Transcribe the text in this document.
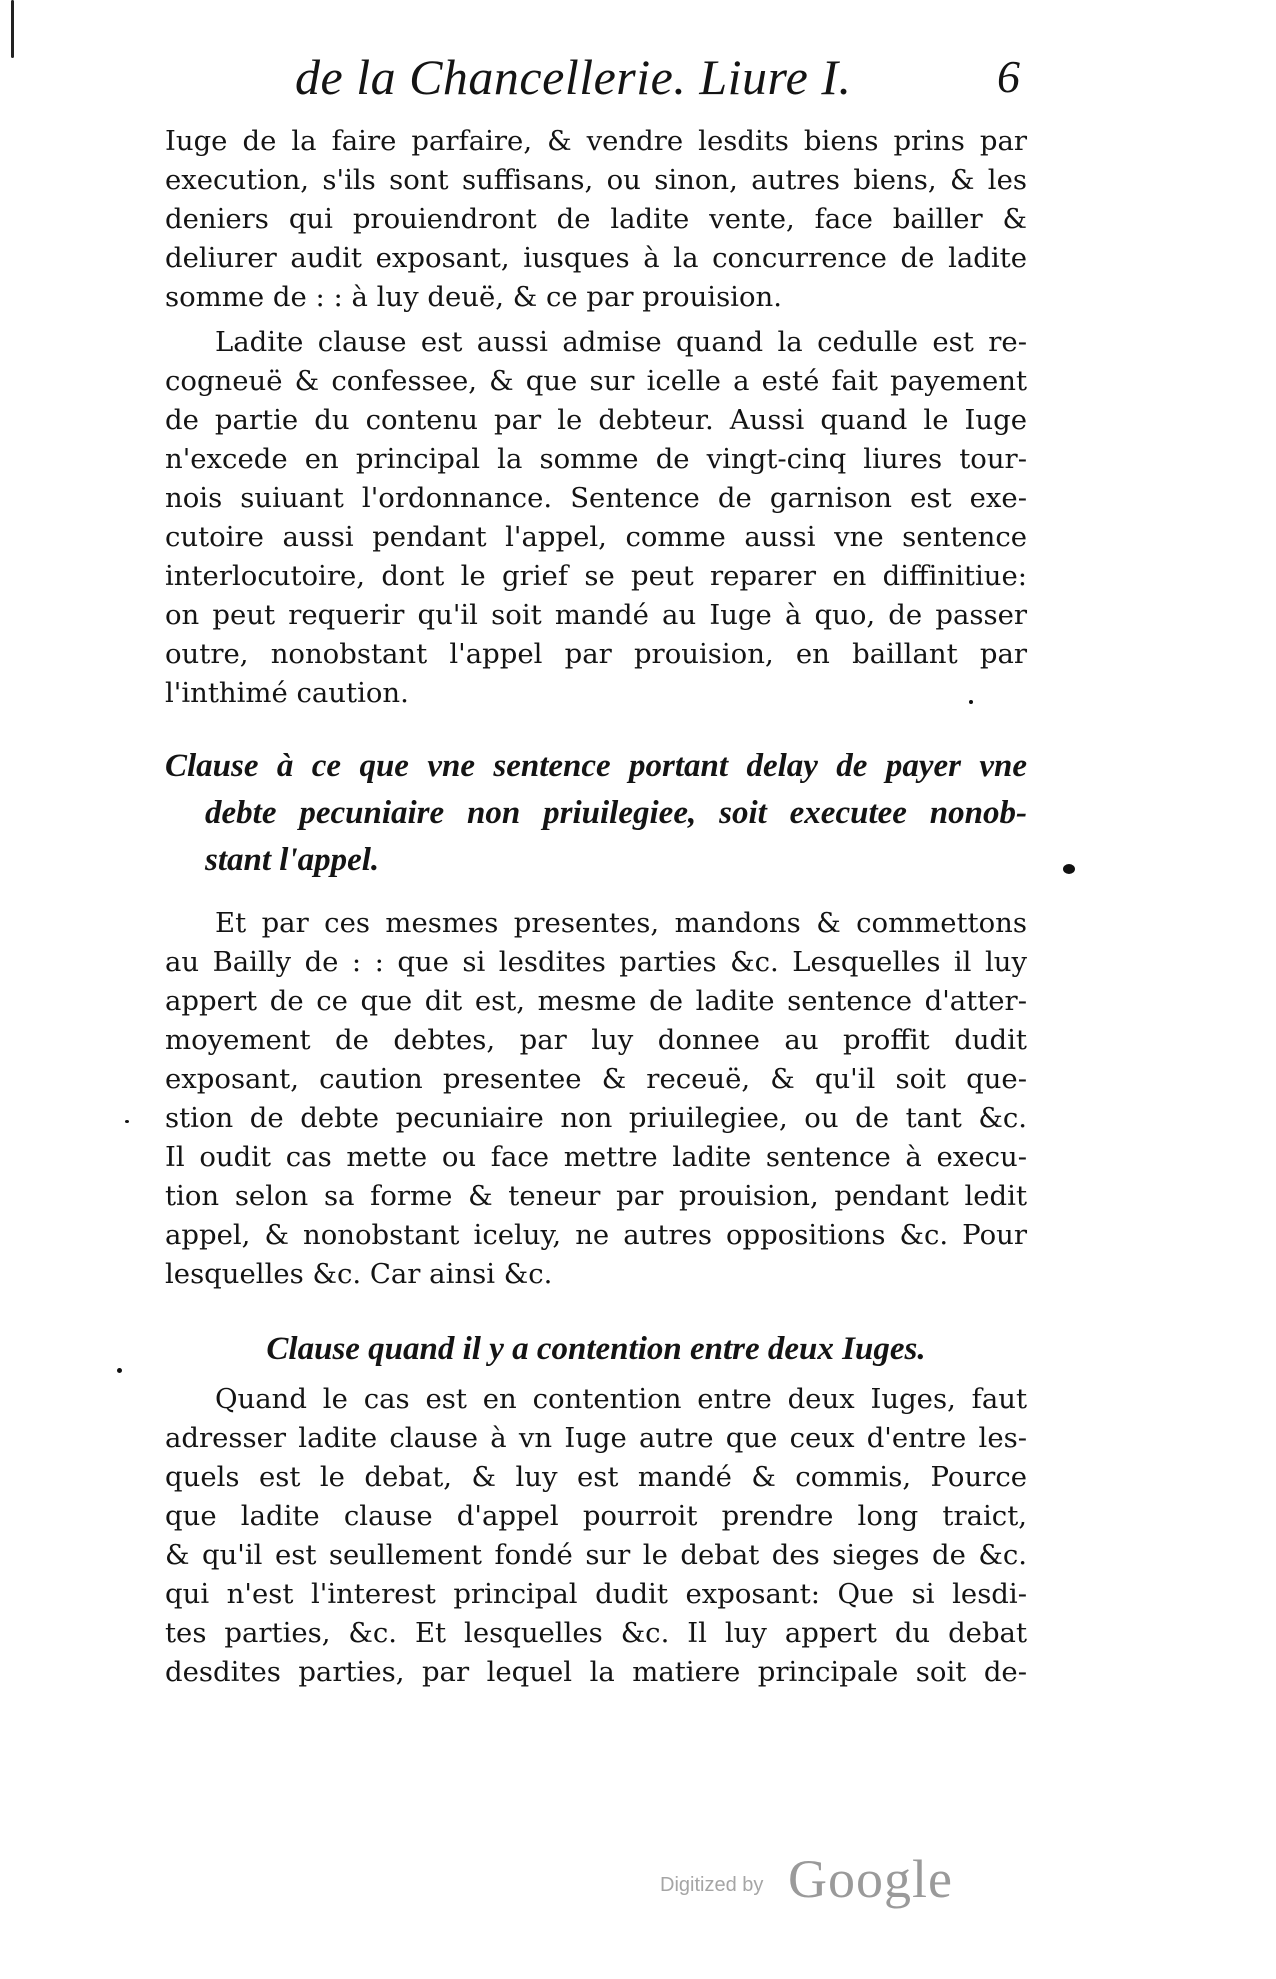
de la Chancellerie. Liure I.	6
Iuge de la faire parfaire, & vendre lesdits biens prins par
execution, s'ils sont suffisans, ou sinon, autres biens, & les
deniers qui prouiendront de ladite vente, face bailler &
deliurer audit exposant, iusques à la concurrence de ladite
somme de : : à luy deuë, & ce par prouision.
Ladite clause est aussi admise quand la cedulle est re-
cogneuë & confessee, & que sur icelle a esté fait payement
de partie du contenu par le debteur. Aussi quand le Iuge
n'excede en principal la somme de vingt-cinq liures tour-
nois suiuant l'ordonnance. Sentence de garnison est exe-
cutoire aussi pendant l'appel, comme aussi vne sentence
interlocutoire, dont le grief se peut reparer en diffinitiue:
on peut requerir qu'il soit mandé au Iuge à quo, de passer
outre, nonobstant l'appel par prouision, en baillant par
l'inthimé caution.
Clause à ce que vne sentence portant delay de payer vne
debte pecuniaire non priuilegiee, soit executee nonob-
stant l'appel.
Et par ces mesmes presentes, mandons & commettons
au Bailly de : : que si lesdites parties &c. Lesquelles il luy
appert de ce que dit est, mesme de ladite sentence d'atter-
moyement de debtes, par luy donnee au proffit dudit
exposant, caution presentee & receuë, & qu'il soit que-
stion de debte pecuniaire non priuilegiee, ou de tant &c.
Il oudit cas mette ou face mettre ladite sentence à execu-
tion selon sa forme & teneur par prouision, pendant ledit
appel, & nonobstant iceluy, ne autres oppositions &c. Pour
lesquelles &c. Car ainsi &c.
Clause quand il y a contention entre deux Iuges.
Quand le cas est en contention entre deux Iuges, faut
adresser ladite clause à vn Iuge autre que ceux d'entre les-
quels est le debat, & luy est mandé & commis, Pource
que ladite clause d'appel pourroit prendre long traict,
& qu'il est seullement fondé sur le debat des sieges de &c.
qui n'est l'interest principal dudit exposant: Que si lesdi-
tes parties, &c. Et lesquelles &c. Il luy appert du debat
desdites parties, par lequel la matiere principale soit de-
Digitized by Google
